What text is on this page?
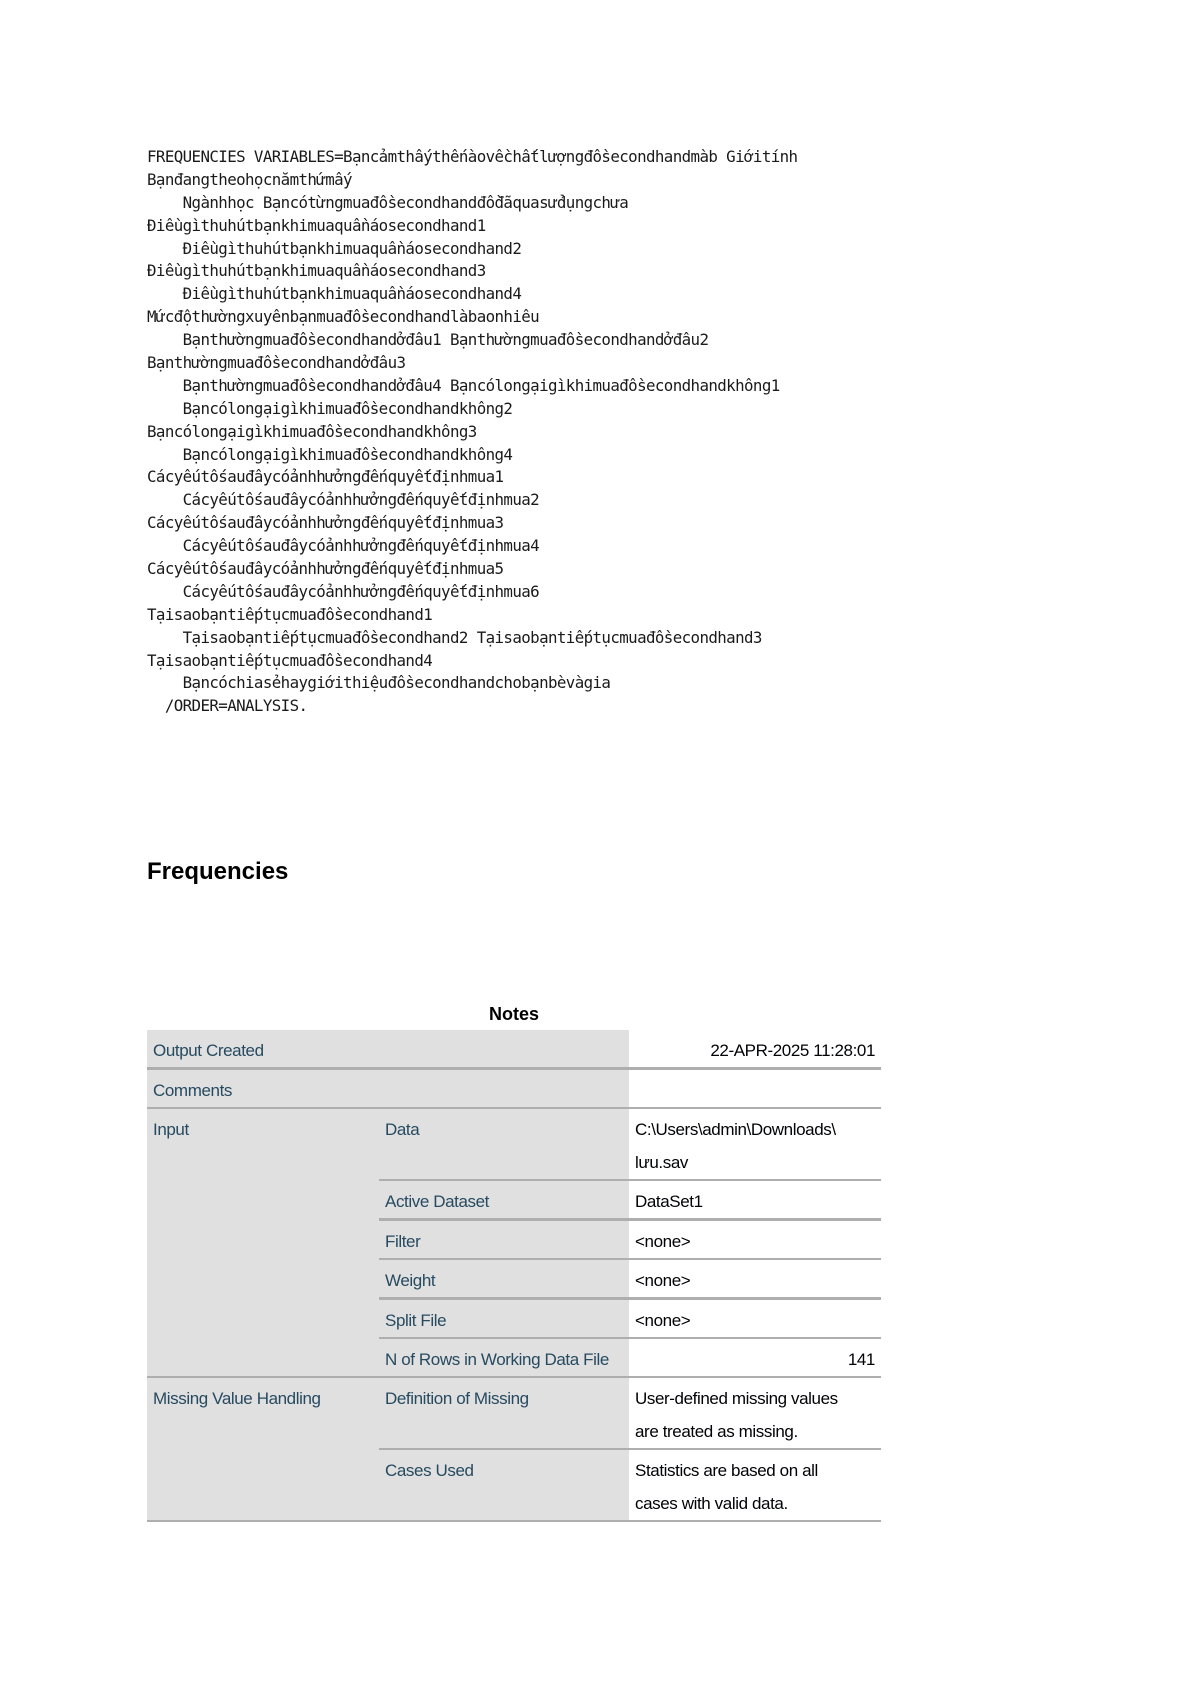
FREQUENCIES VARIABLES=Bạncảmthấythếnàovềchấtlượngđồsecondhandmàb Giớitính
Bạnđangtheohọcnămthứmấy
Ngànhhọc Bạncótừngmuađồsecondhandđồđãquasửdụngchưa
Điềugìthuhútbạnkhimuaquầnáosecondhand1
Điềugìthuhútbạnkhimuaquầnáosecondhand2
Điềugìthuhútbạnkhimuaquầnáosecondhand3
Điềugìthuhútbạnkhimuaquầnáosecondhand4
Mứcđộthườngxuyênbạnmuađồsecondhandlàbaonhiêu
Bạnthườngmuađồsecondhandởđâu1 Bạnthườngmuađồsecondhandởđâu2
Bạnthườngmuađồsecondhandởđâu3
Bạnthườngmuađồsecondhandởđâu4 Bạncólongạigìkhimuađồsecondhandkhông1
Bạncólongạigìkhimuađồsecondhandkhông2
Bạncólongạigìkhimuađồsecondhandkhông3
Bạncólongạigìkhimuađồsecondhandkhông4
Cácyếutốsauđâycóảnhhưởngđếnquyếtđịnhmua1
Cácyếutốsauđâycóảnhhưởngđếnquyếtđịnhmua2
Cácyếutốsauđâycóảnhhưởngđếnquyếtđịnhmua3
Cácyếutốsauđâycóảnhhưởngđếnquyếtđịnhmua4
Cácyếutốsauđâycóảnhhưởngđếnquyếtđịnhmua5
Cácyếutốsauđâycóảnhhưởngđếnquyếtđịnhmua6
Tạisaobạntiếptụcmuađồsecondhand1
Tạisaobạntiếptụcmuađồsecondhand2 Tạisaobạntiếptụcmuađồsecondhand3
Tạisaobạntiếptụcmuađồsecondhand4
Bạncóchiasẻhaygiớithiệuđồsecondhandchobạnbèvàgia
/ORDER=ANALYSIS.
Frequencies
Notes
Output Created		22-APR-2025 11:28:01
Comments		
Input	Data	C:\Users\admin\Downloads\
lưu.sav

	Active Dataset	DataSet1
	Filter	<none>
	Weight	<none>
	Split File	<none>
	N of Rows in Working Data File	141
Missing Value Handling	Definition of Missing	User-defined missing values
are treated as missing.

	Cases Used	Statistics are based on all
cases with valid data.
